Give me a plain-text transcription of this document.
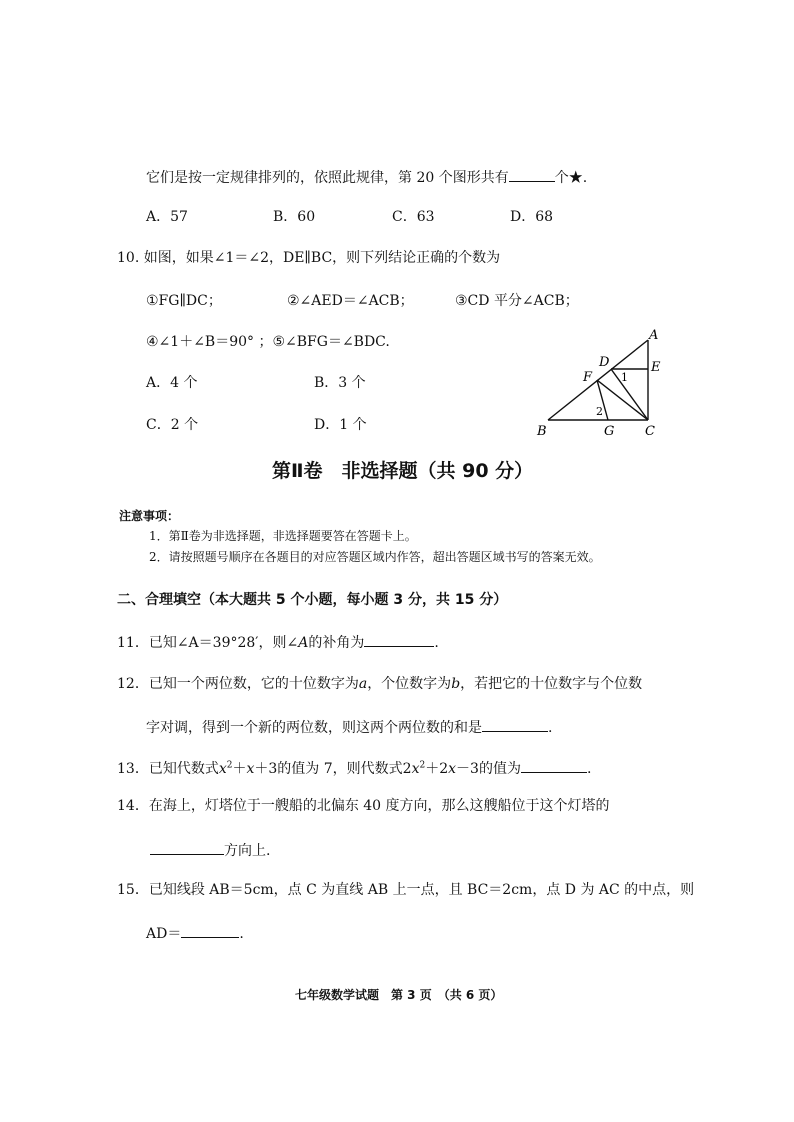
它们是按一定规律排列的，依照此规律，第 20 个图形共有	个★.
A．57	B．60	C．63	D．68
10. 如图，如果∠1＝∠2，DE∥BC，则下列结论正确的个数为
①FG∥DC；	②∠AED＝∠ACB；	③CD 平分∠ACB；
④∠1＋∠B＝90° ；⑤∠BFG＝∠BDC.
A．4 个	B．3 个
C．2 个	D．1 个
A
B	C
D	E
F
G
1
2
第Ⅱ卷　非选择题（共 90 分）
注意事项：
1．第Ⅱ卷为非选择题，非选择题要答在答题卡上。
2．请按照题号顺序在各题目的对应答题区域内作答，超出答题区域书写的答案无效。
二、合理填空（本大题共 5 个小题，每小题 3 分，共 15 分）
11．已知∠A＝39°28′，则∠A的补角为	.
12．已知一个两位数，它的十位数字为a，个位数字为b，若把它的十位数字与个位数
字对调，得到一个新的两位数，则这两个两位数的和是	.
13．已知代数式$x^2+x+3$的值为 7，则代数式$2x^2+2x-3$的值为	.
14．在海上，灯塔位于一艘船的北偏东 40 度方向，那么这艘船位于这个灯塔的
方向上.
15．已知线段 AB＝5cm，点 C 为直线 AB 上一点，且 BC＝2cm，点 D 为 AC 的中点，则
AD＝	.
七年级数学试题　第 3 页　（共 6 页）
